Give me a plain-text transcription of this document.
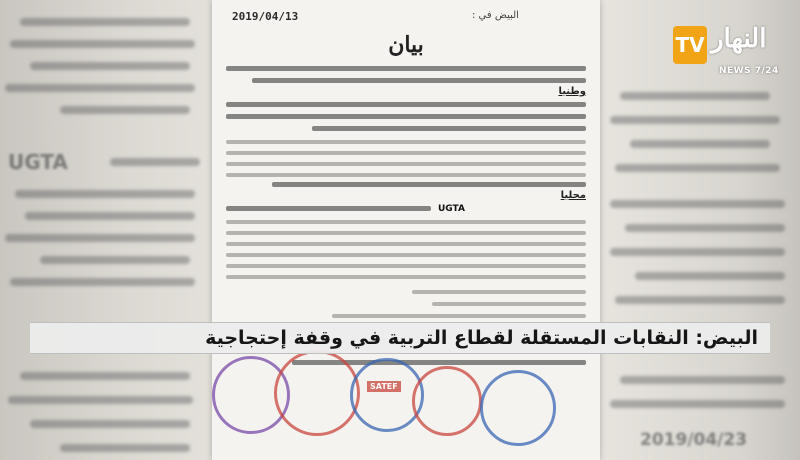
UGTA
2019/04/23
البيض في :
2019/04/13
بيان
وطنيا
محليا
UGTA
SATEF
البيض: النقابات المستقلة لقطاع التربية في وقفة إحتجاجية
TV النهار
NEWS 7/24
